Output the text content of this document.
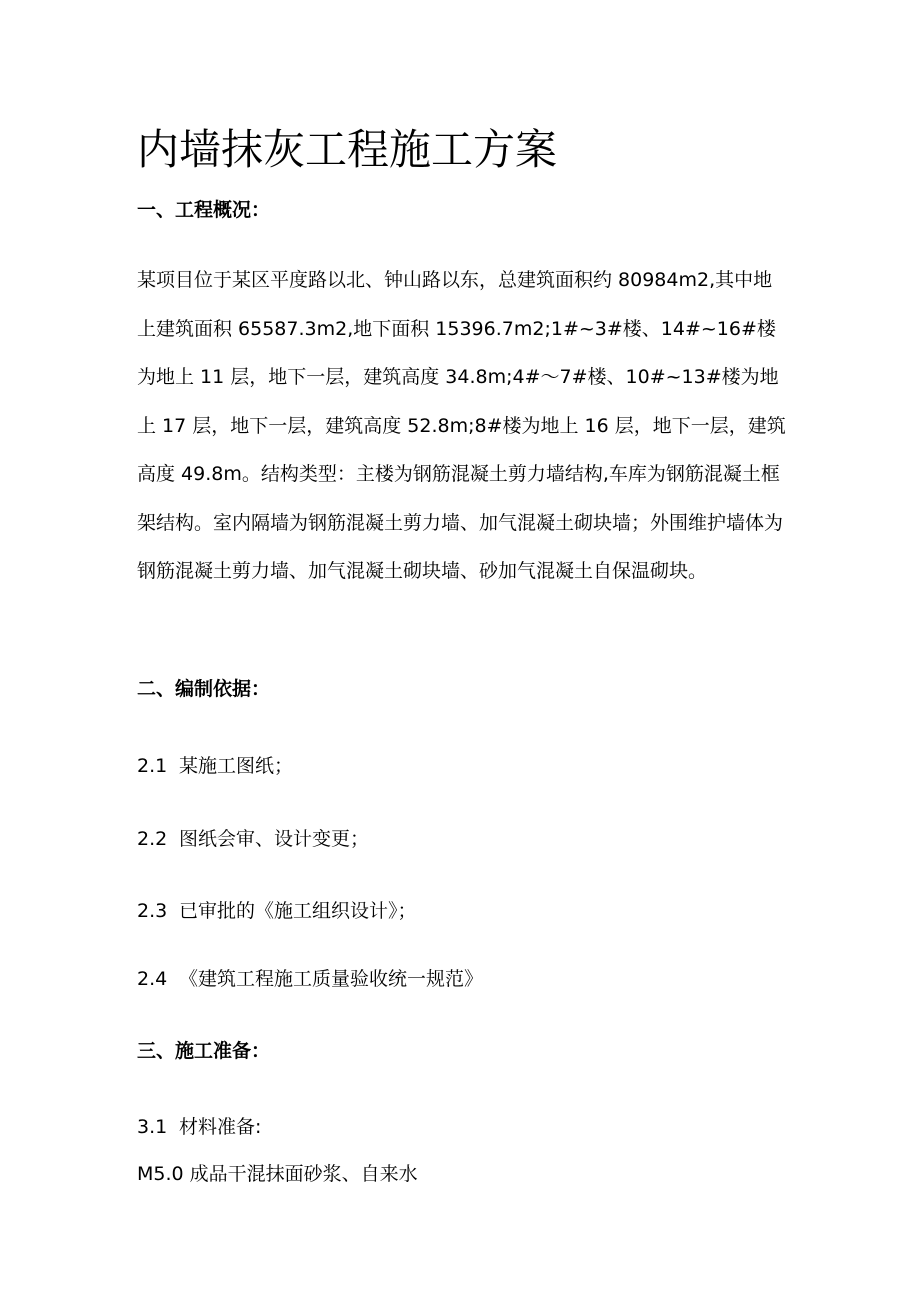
内墙抹灰工程施工方案
一、工程概况：

某项目位于某区平度路以北、钟山路以东，总建筑面积约 80984m2,其中地上建筑面积 65587.3m2,地下面积 15396.7m2;1#~3#楼、14#~16#楼为地上 11 层，地下一层，建筑高度 34.8m;4#～7#楼、10#~13#楼为地上 17 层，地下一层，建筑高度 52.8m;8#楼为地上 16 层，地下一层，建筑高度 49.8m。结构类型：主楼为钢筋混凝土剪力墙结构,车库为钢筋混凝土框架结构。室内隔墙为钢筋混凝土剪力墙、加气混凝土砌块墙；外围维护墙体为钢筋混凝土剪力墙、加气混凝土砌块墙、砂加气混凝土自保温砌块。

二、编制依据：
2.1 某施工图纸；
2.2 图纸会审、设计变更；
2.3 已审批的《施工组织设计》；
2.4 《建筑工程施工质量验收统一规范》
三、施工准备：
3.1 材料准备:
M5.0 成品干混抹面砂浆、自来水
